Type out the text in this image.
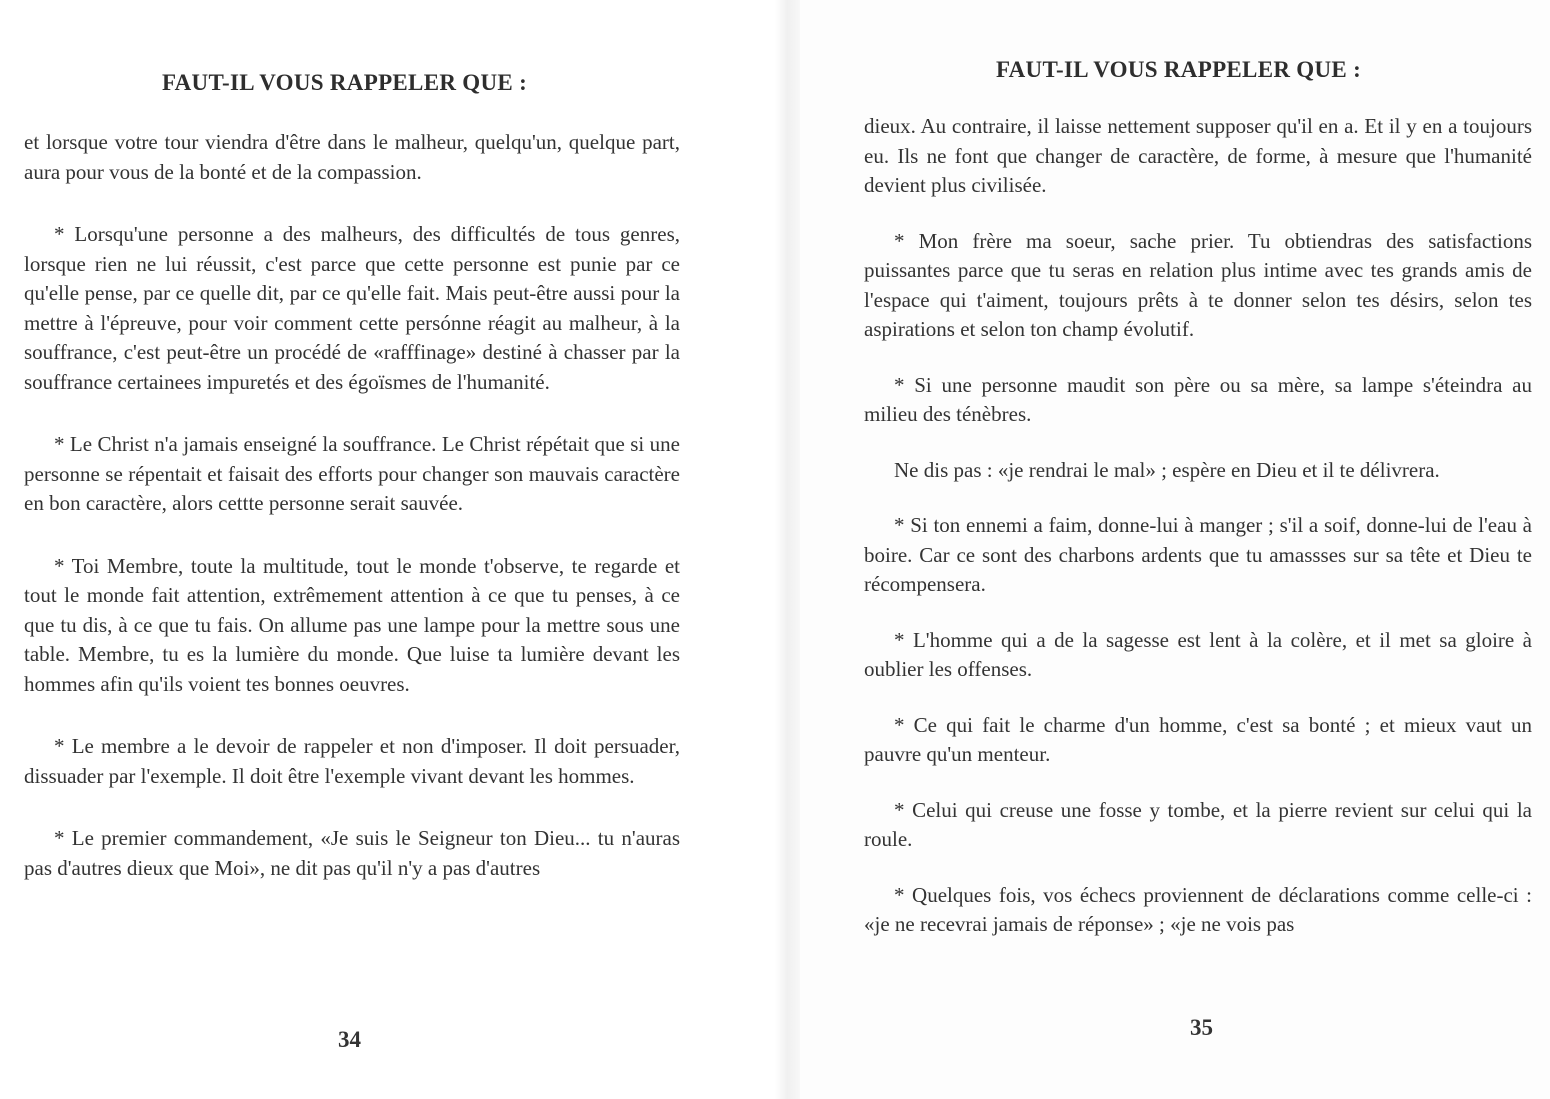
FAUT-IL VOUS RAPPELER QUE :

et lorsque votre tour viendra d'être dans le malheur, quelqu'un, quelque part, aura pour vous de la bonté et de la compassion.

* Lorsqu'une personne a des malheurs, des difficultés de tous genres, lorsque rien ne lui réussit, c'est parce que cette personne est punie par ce qu'elle pense, par ce quelle dit, par ce qu'elle fait. Mais peut-être aussi pour la mettre à l'épreuve, pour voir comment cette persónne réagit au malheur, à la souffrance, c'est peut-être un procédé de «rafffinage» destiné à chasser par la souffrance certainees impuretés et des égoïsmes de l'humanité.

* Le Christ n'a jamais enseigné la souffrance. Le Christ répétait que si une personne se répentait et faisait des efforts pour changer son mauvais caractère en bon caractère, alors cettte personne serait sauvée.

* Toi Membre, toute la multitude, tout le monde t'observe, te regarde et tout le monde fait attention, extrêmement attention à ce que tu penses, à ce que tu dis, à ce que tu fais. On allume pas une lampe pour la mettre sous une table. Membre, tu es la lumière du monde. Que luise ta lumière devant les hommes afin qu'ils voient tes bonnes oeuvres.

* Le membre a le devoir de rappeler et non d'imposer. Il doit persuader, dissuader par l'exemple. Il doit être l'exemple vivant devant les hommes.

* Le premier commandement, «Je suis le Seigneur ton Dieu... tu n'auras pas d'autres dieux que Moi», ne dit pas qu'il n'y a pas d'autres

34
FAUT-IL VOUS RAPPELER QUE :

dieux. Au contraire, il laisse nettement supposer qu'il en a. Et il y en a toujours eu. Ils ne font que changer de caractère, de forme, à mesure que l'humanité devient plus civilisée.

* Mon frère ma soeur, sache prier. Tu obtiendras des satisfactions puissantes parce que tu seras en relation plus intime avec tes grands amis de l'espace qui t'aiment, toujours prêts à te donner selon tes désirs, selon tes aspirations et selon ton champ évolutif.

* Si une personne maudit son père ou sa mère, sa lampe s'éteindra au milieu des ténèbres.

Ne dis pas : «je rendrai le mal» ; espère en Dieu et il te délivrera.

* Si ton ennemi a faim, donne-lui à manger ; s'il a soif, donne-lui de l'eau à boire. Car ce sont des charbons ardents que tu amassses sur sa tête et Dieu te récompensera.

* L'homme qui a de la sagesse est lent à la colère, et il met sa gloire à oublier les offenses.

* Ce qui fait le charme d'un homme, c'est sa bonté ; et mieux vaut un pauvre qu'un menteur.

* Celui qui creuse une fosse y tombe, et la pierre revient sur celui qui la roule.

* Quelques fois, vos échecs proviennent de déclarations comme celle-ci : «je ne recevrai jamais de réponse» ; «je ne vois pas

35
